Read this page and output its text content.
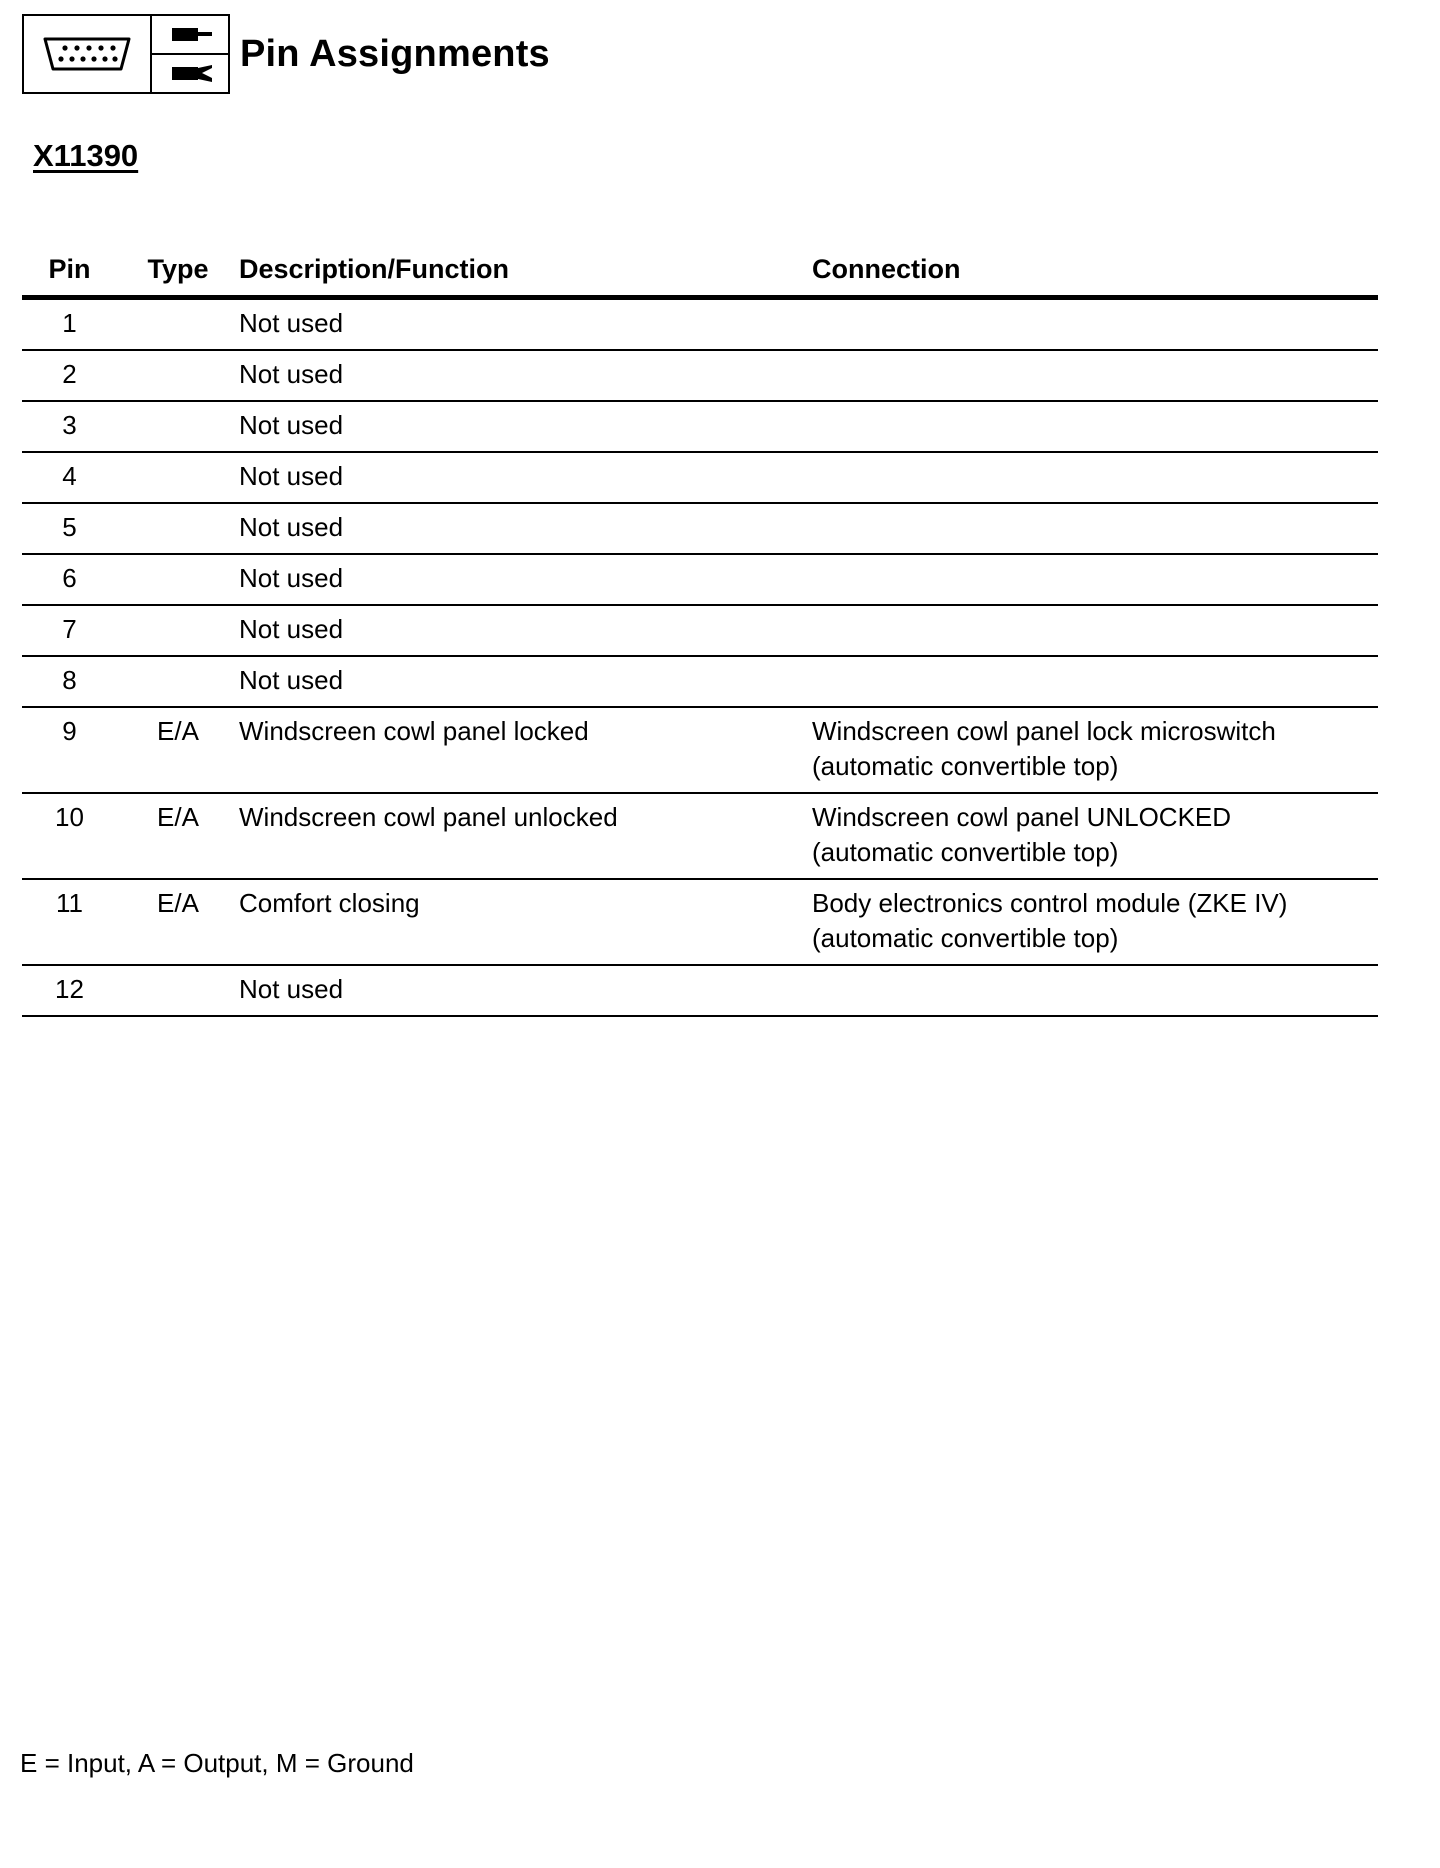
Pin Assignments
X11390
Pin	Type	Description/Function	Connection

1		Not used	

2		Not used	

3		Not used	

4		Not used	

5		Not used	

6		Not used	

7		Not used	

8		Not used	

9	E/A	Windscreen cowl panel locked	Windscreen cowl panel lock microswitch
(automatic convertible top)

10	E/A	Windscreen cowl panel unlocked	Windscreen cowl panel UNLOCKED
(automatic convertible top)

11	E/A	Comfort closing	Body electronics control module (ZKE IV)
(automatic convertible top)

12		Not used	

E = Input, A = Output, M = Ground
